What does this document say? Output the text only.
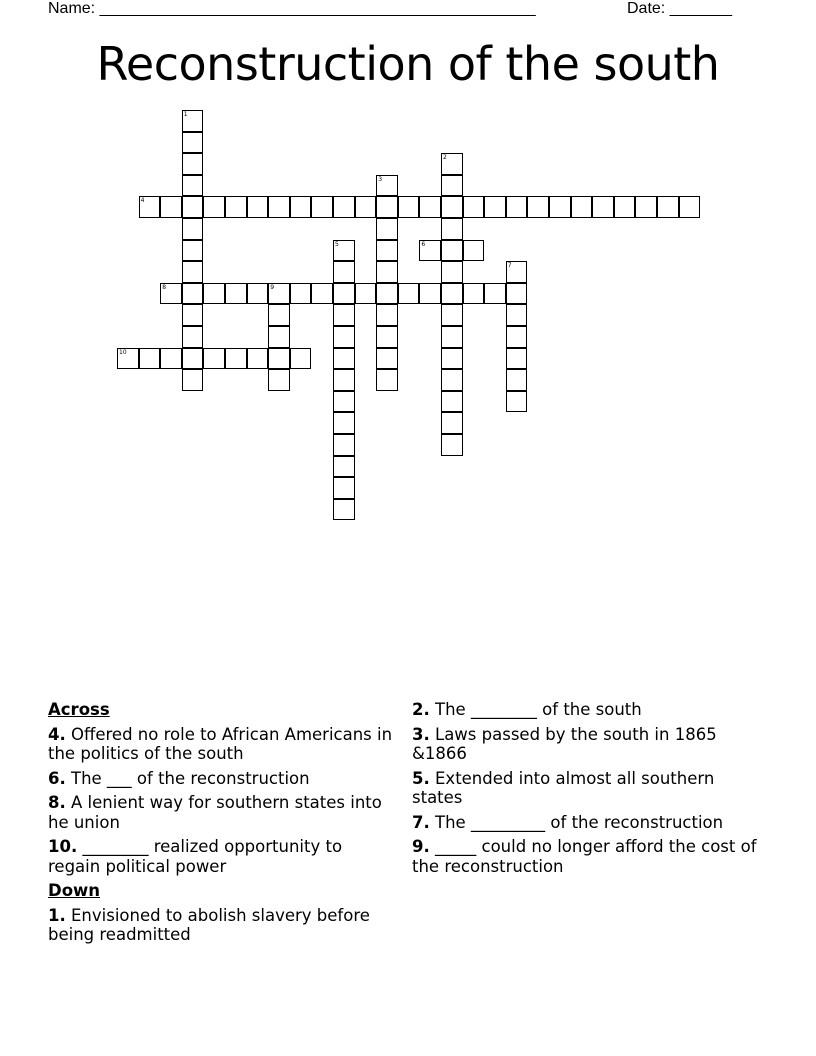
Name: _________________________________________________	Date: _______
Reconstruction of the south
1
2
3
4
5	6
7
8	9
10
Across
4. Offered no role to African Americans in the politics of the south
6. The ___ of the reconstruction
8. A lenient way for southern states into he union
10. ________ realized opportunity to regain political power
Down
1. Envisioned to abolish slavery before being readmitted
2. The ________ of the south
3. Laws passed by the south in 1865 &1866
5. Extended into almost all southern states
7. The _________ of the reconstruction
9. _____ could no longer afford the cost of the reconstruction
